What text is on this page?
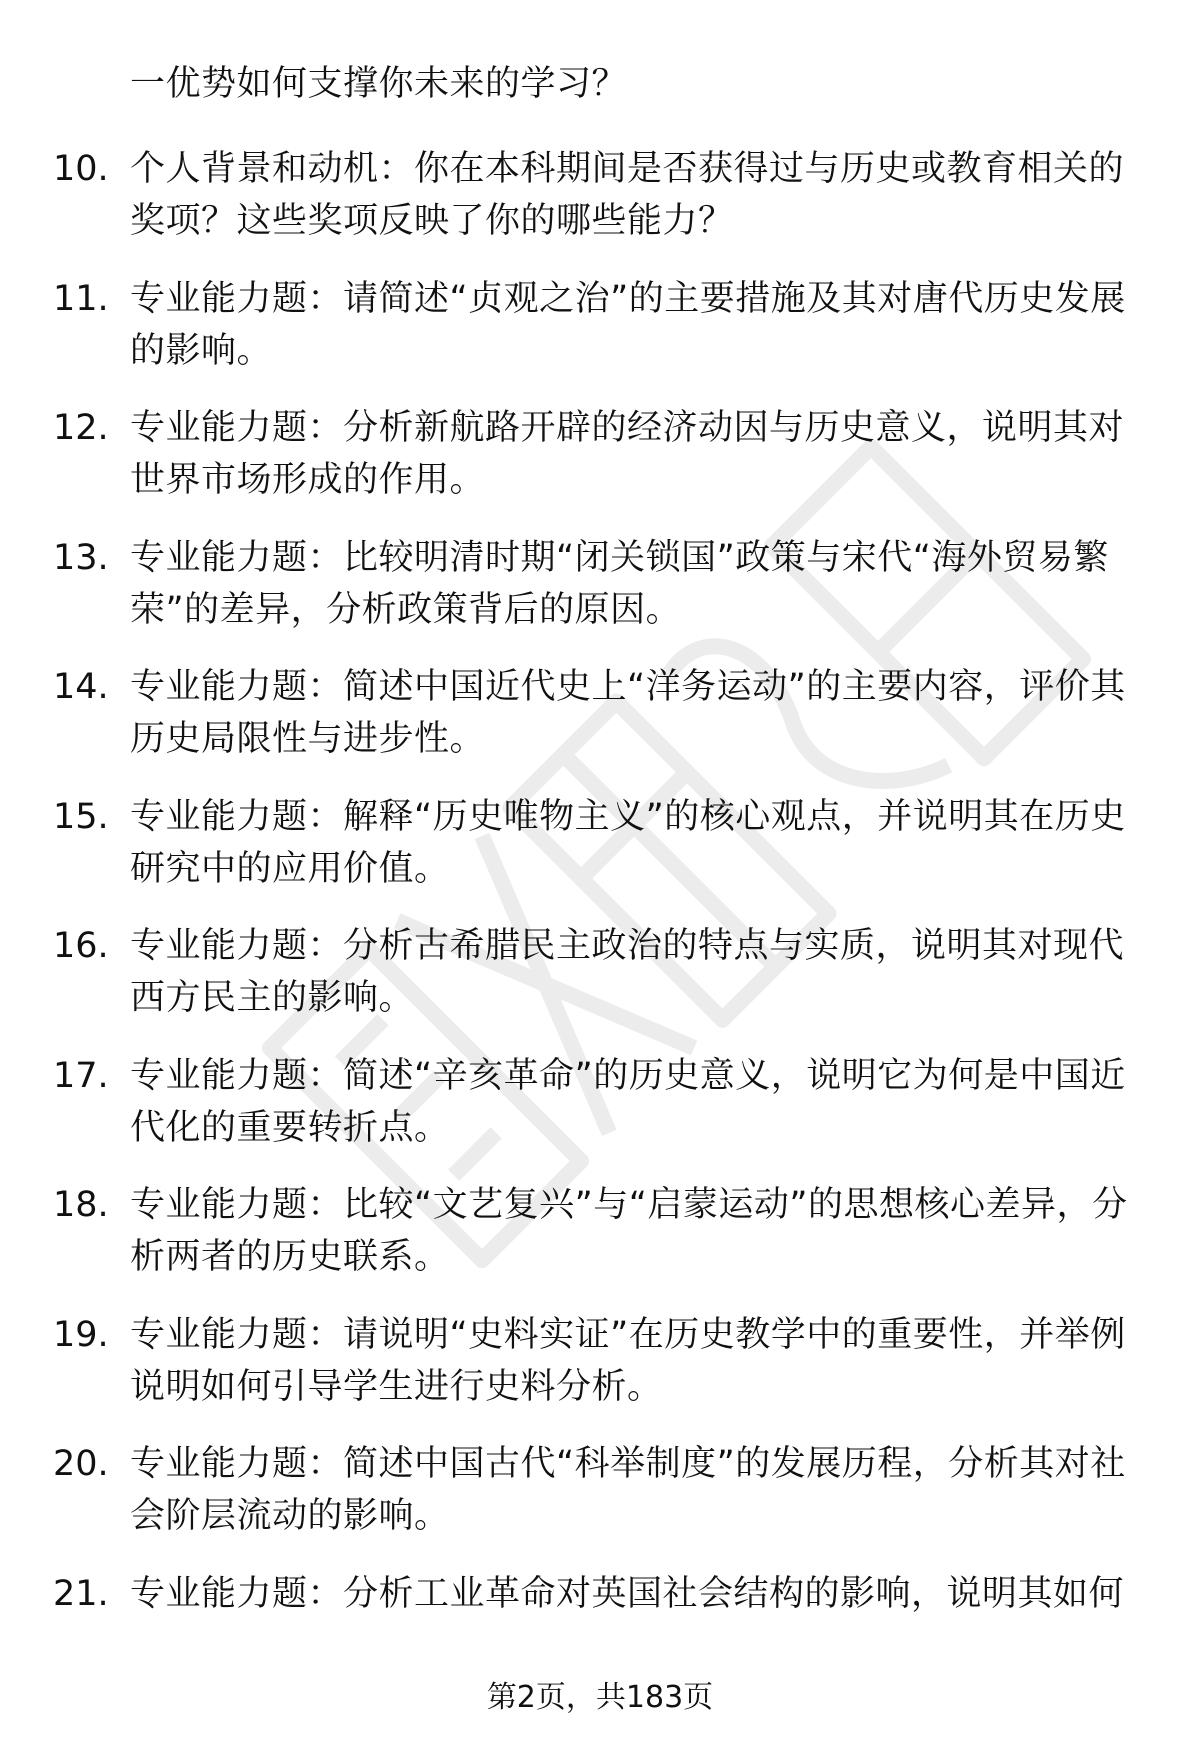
一优势如何支撑你未来的学习？
10. 个人背景和动机：你在本科期间是否获得过与历史或教育相关的奖项？这些奖项反映了你的哪些能力？
11. 专业能力题：请简述“贞观之治”的主要措施及其对唐代历史发展的影响。
12. 专业能力题：分析新航路开辟的经济动因与历史意义，说明其对世界市场形成的作用。
13. 专业能力题：比较明清时期“闭关锁国”政策与宋代“海外贸易繁荣”的差异，分析政策背后的原因。
14. 专业能力题：简述中国近代史上“洋务运动”的主要内容，评价其历史局限性与进步性。
15. 专业能力题：解释“历史唯物主义”的核心观点，并说明其在历史研究中的应用价值。
16. 专业能力题：分析古希腊民主政治的特点与实质，说明其对现代西方民主的影响。
17. 专业能力题：简述“辛亥革命”的历史意义，说明它为何是中国近代化的重要转折点。
18. 专业能力题：比较“文艺复兴”与“启蒙运动”的思想核心差异，分析两者的历史联系。
19. 专业能力题：请说明“史料实证”在历史教学中的重要性，并举例说明如何引导学生进行史料分析。
20. 专业能力题：简述中国古代“科举制度”的发展历程，分析其对社会阶层流动的影响。
21. 专业能力题：分析工业革命对英国社会结构的影响，说明其如何
第2页，共183页
